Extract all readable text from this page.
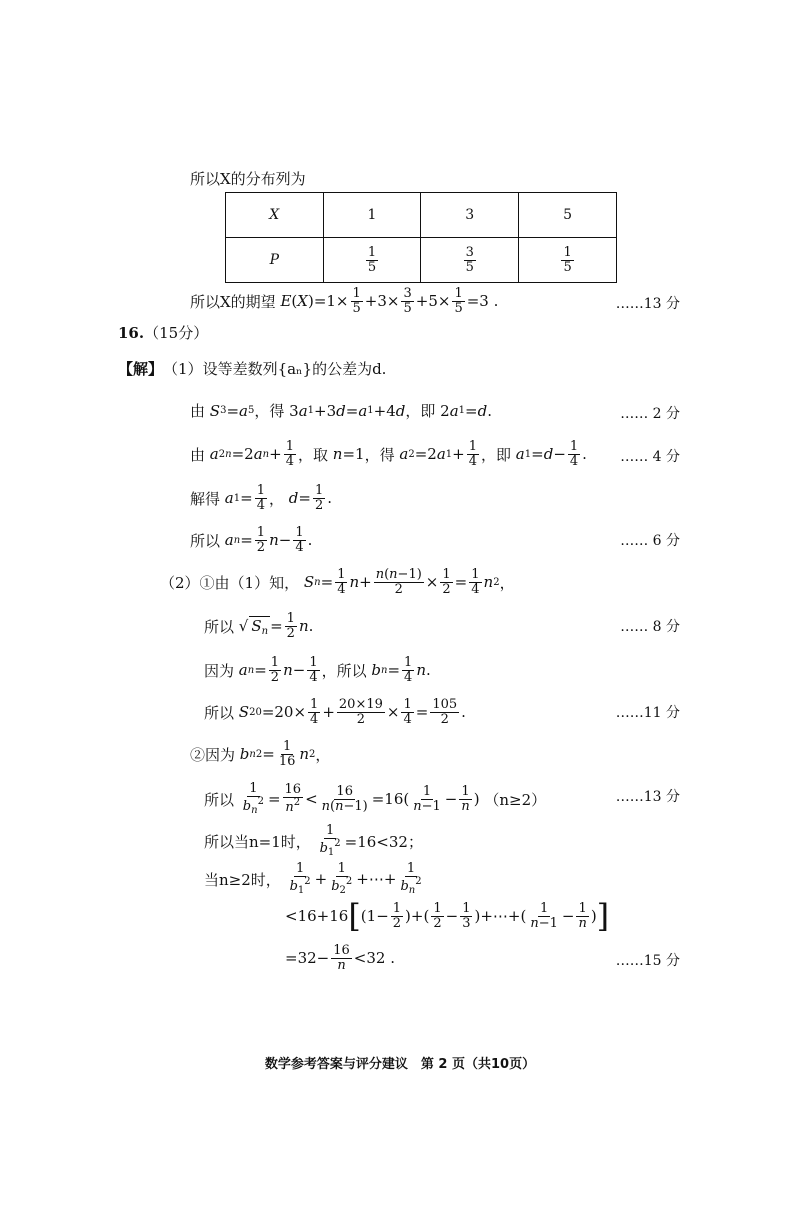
所以X的分布列为
X	1	3	5
P	$\frac{1}{5}$	$\frac{3}{5}$	$\frac{1}{5}$
所以X的期望
E ( X )$=1\times \frac{1}{5} +3\times \frac{3}{5} +5\times \frac{1}{5} =3$ .	……13 分
16. （15分）
【解】 （1） 设等差数列{aₙ}的公差为d.
由
S 3 = a 5 ，得 3 a 1 +3 d = a 1 +4 d ，即 2 a 1 = d .	…… 2 分
由
a 2n =2 a $n + \frac{1}{4}$ ，取
n =1 ，得
a 2 =2 a $1 + \frac{1}{4}$ ，即
a $1 = d - \frac{1}{4}$ . …… 4 分
解得
a $1 = \frac{1}{4}$ ， $d = \frac{1}{2}$ .
所以
a $n = \frac{1}{2}$ $n - \frac{1}{4}$ .	…… 6 分
（2）①由（1）知，
S $n = \frac{1}{4}$ $n + \frac{n(n-1)}{2} \times \frac{1}{2} = \frac{1}{4}$ n 2 ，
所以 √ $S_n = \frac{1}{2}$ n .	…… 8 分
因为
a $n = \frac{1}{2}$ $n - \frac{1}{4}$ ，所以
b $n = \frac{1}{4}$ n .
所以
S $20 =20\times \frac{1}{4} + \frac{20\times 19}{2} \times \frac{1}{4} = \frac{105}{2}$ .	……11 分
②因为
b n $2 = \frac{1}{16}$ n 2 ，
所以
$\frac{1}{b_n^2} = \frac{16}{n^2} < \frac{16}{n(n-1)} =16( \frac{1}{n-1} - \frac{1}{n}$ ) （n≥2）	……13 分
所以当n=1时，
$\frac{1}{b_1^2} =16<32$；
当n≥2时，
$\frac{1}{b_1^2} + \frac{1}{b_2^2}$ +⋯+ $\frac{1}{b_n^2}$
<16+16 [ ($1- \frac{1}{2}$ )+( $\frac{1}{2} - \frac{1}{3}$ )+⋯+( $\frac{1}{n-1} - \frac{1}{n}$ ) ]
$=32- \frac{16}{n} <32$ .	……15 分
数学参考答案与评分建议　第 2 页（共10页）
